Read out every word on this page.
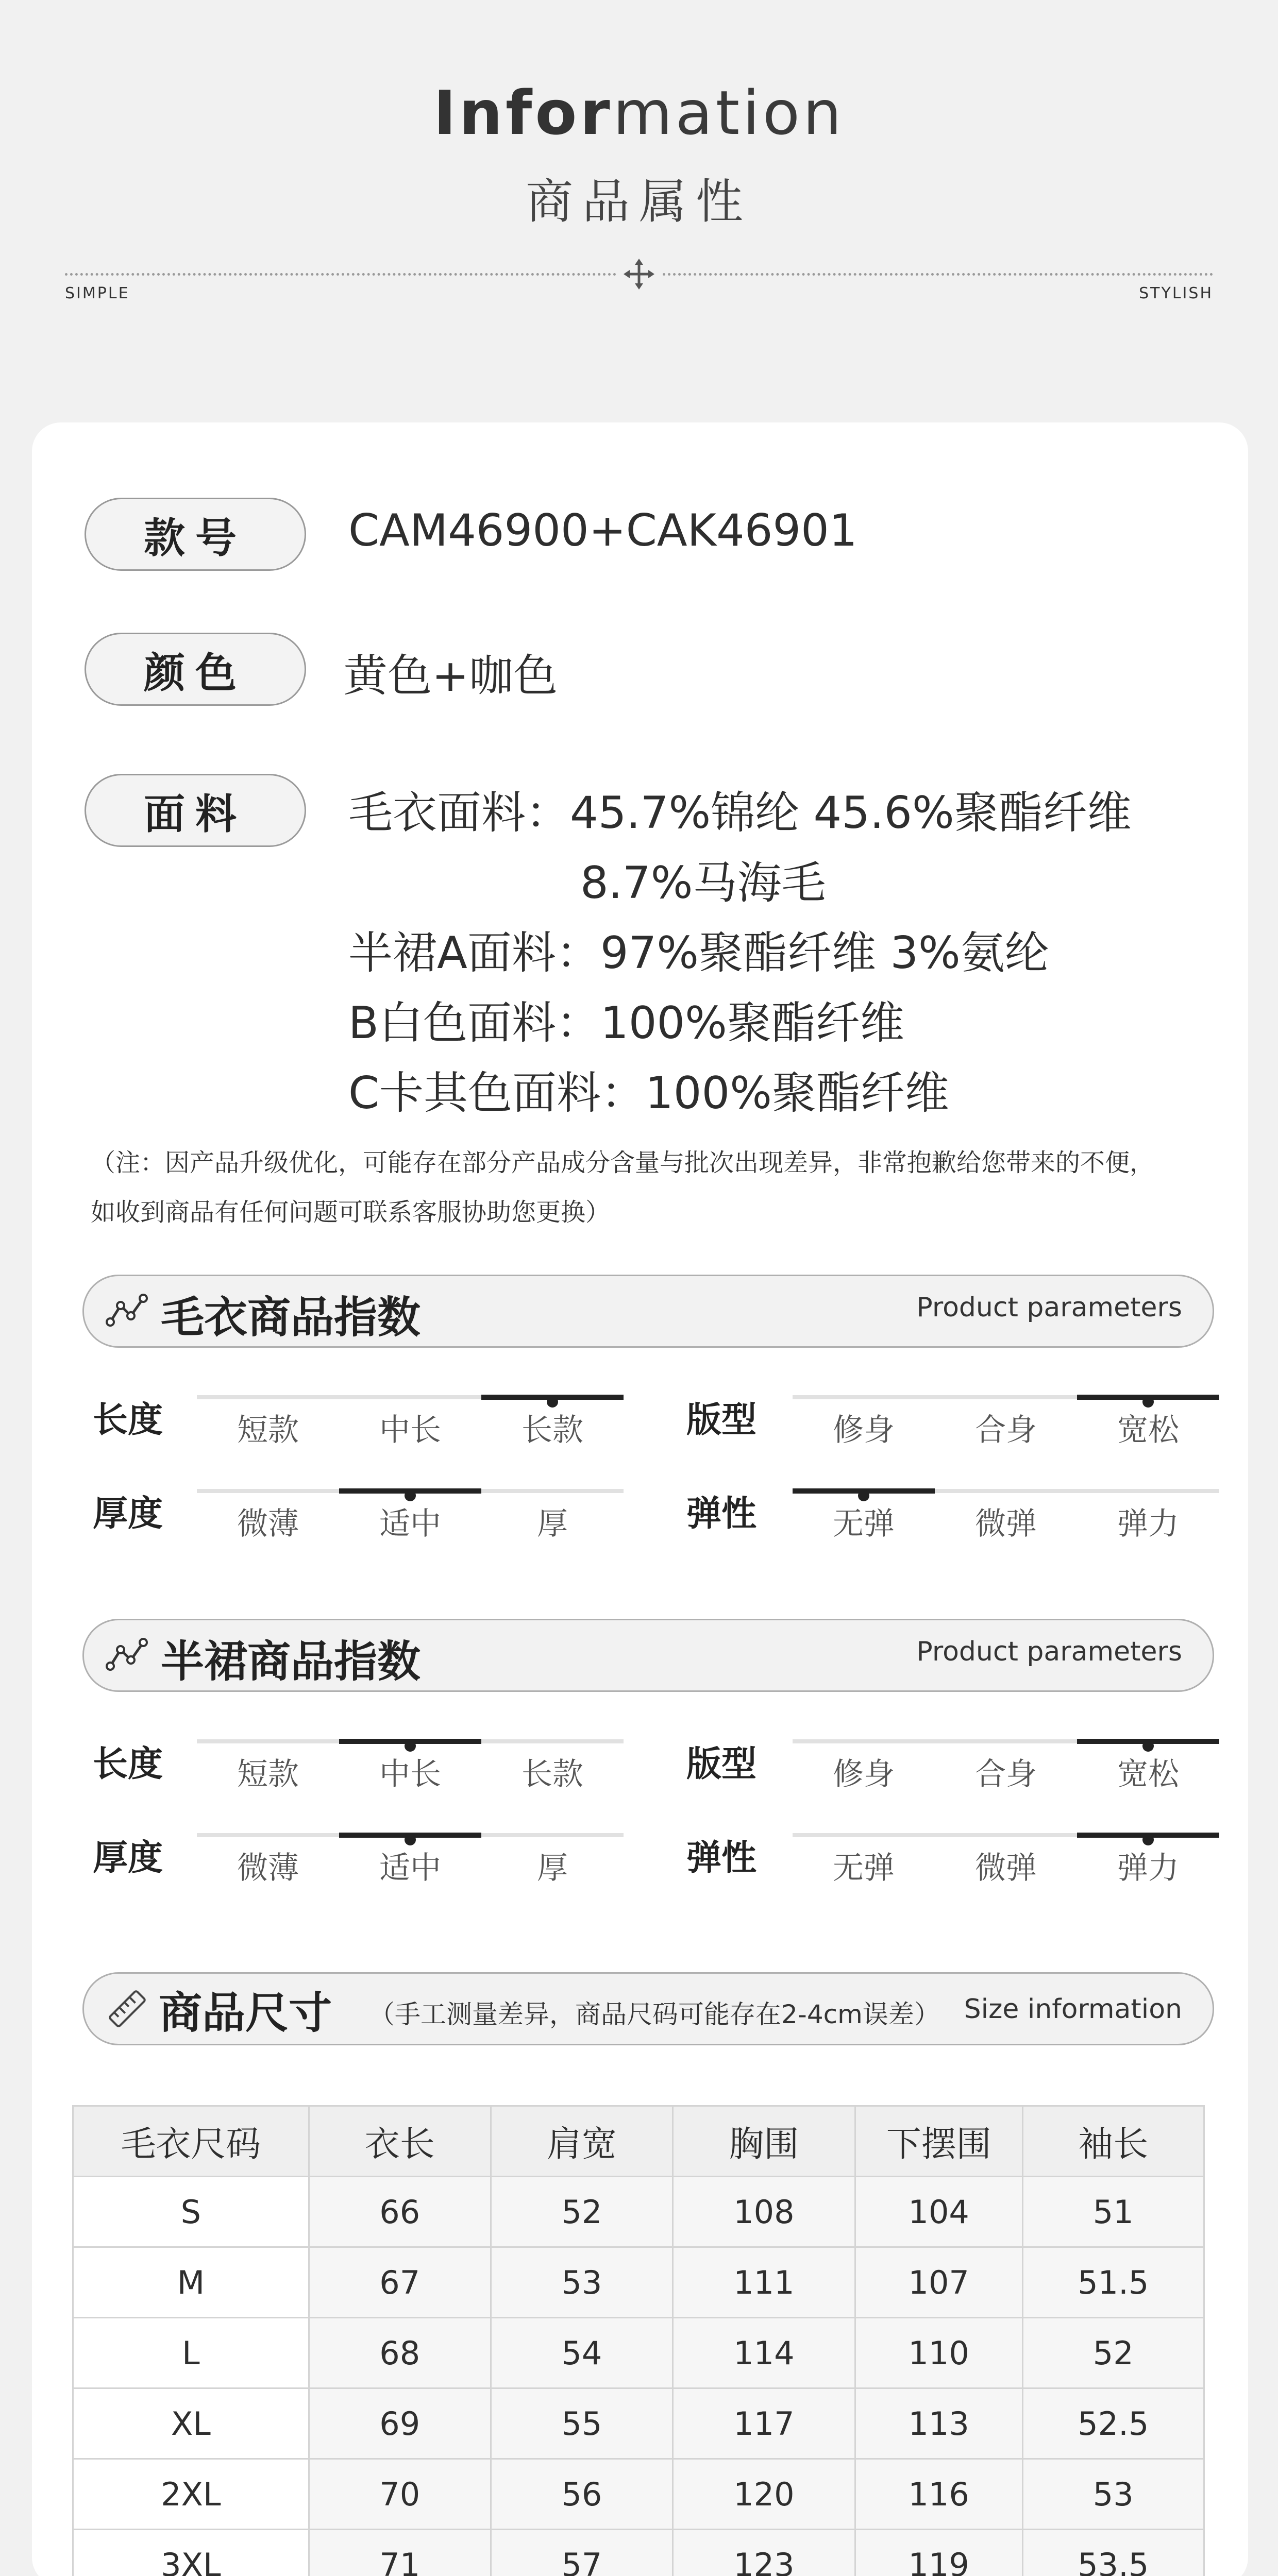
Information
商品属性
SIMPLE	STYLISH
款号	CAM46900+CAK46901
颜色	黄色+咖色
面料	毛衣面料：45.7%锦纶 45.6%聚酯纤维
8.7%马海毛
半裙A面料：97%聚酯纤维 3%氨纶
B白色面料：100%聚酯纤维
C卡其色面料：100%聚酯纤维
（注：因产品升级优化，可能存在部分产品成分含量与批次出现差异，非常抱歉给您带来的不便，
如收到商品有任何问题可联系客服协助您更换）
毛衣商品指数	Product parameters
长度	短款	中长	长款	版型	修身	合身	宽松
厚度	微薄	适中	厚	弹性	无弹	微弹	弹力
半裙商品指数	Product parameters
长度	短款	中长	长款	版型	修身	合身	宽松
厚度	微薄	适中	厚	弹性	无弹	微弹	弹力
商品尺寸 （手工测量差异，商品尺码可能存在2-4cm误差） Size information
毛衣尺码	衣长	肩宽	胸围	下摆围	袖长
S	66	52	108	104	51
M	67	53	111	107	51.5
L	68	54	114	110	52
XL	69	55	117	113	52.5
2XL	70	56	120	116	53
3XL	71	57	123	119	53.5
